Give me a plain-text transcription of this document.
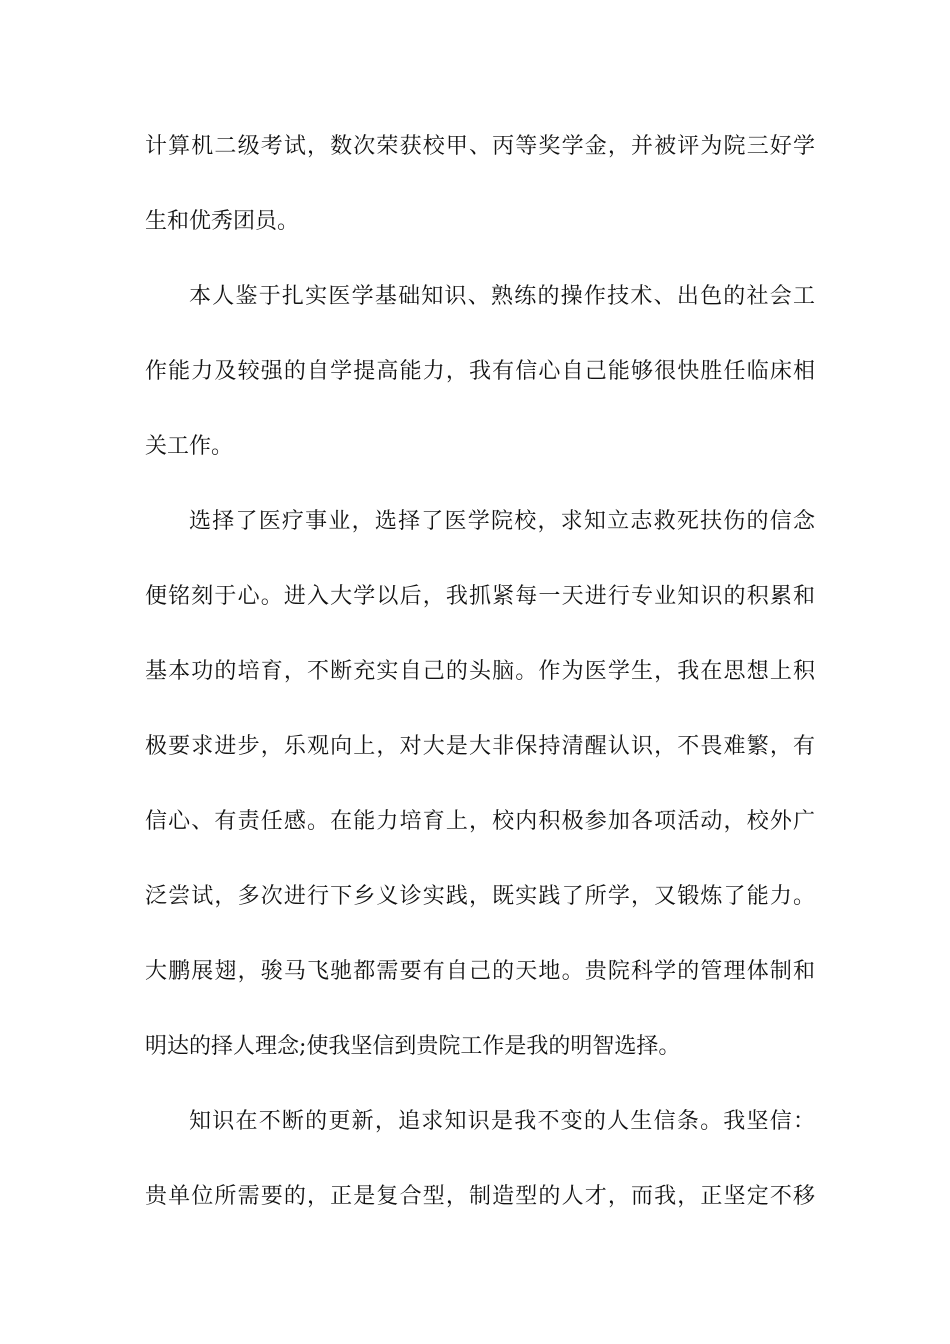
计算机二级考试，数次荣获校甲、丙等奖学金，并被评为院三好学
生和优秀团员。
本人鉴于扎实医学基础知识、熟练的操作技术、出色的社会工
作能力及较强的自学提高能力，我有信心自己能够很快胜任临床相
关工作。
选择了医疗事业，选择了医学院校，求知立志救死扶伤的信念
便铭刻于心。进入大学以后，我抓紧每一天进行专业知识的积累和
基本功的培育，不断充实自己的头脑。作为医学生，我在思想上积
极要求进步，乐观向上，对大是大非保持清醒认识，不畏难繁，有
信心、有责任感。在能力培育上，校内积极参加各项活动，校外广
泛尝试，多次进行下乡义诊实践，既实践了所学，又锻炼了能力。
大鹏展翅，骏马飞驰都需要有自己的天地。贵院科学的管理体制和
明达的择人理念;使我坚信到贵院工作是我的明智选择。
知识在不断的更新，追求知识是我不变的人生信条。我坚信：
贵单位所需要的，正是复合型，制造型的人才，而我，正坚定不移
